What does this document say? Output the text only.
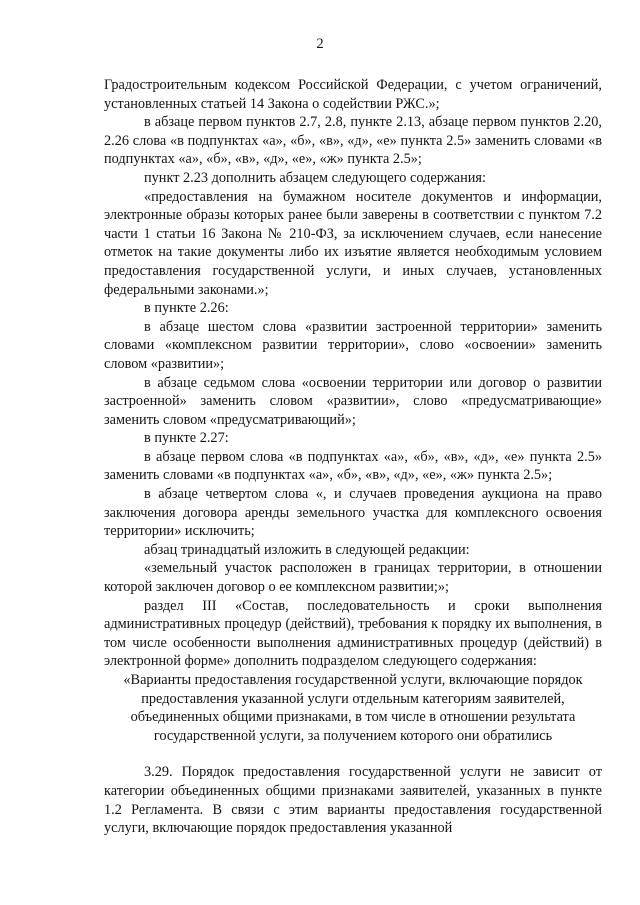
2

Градостроительным кодексом Российской Федерации, с учетом ограничений, установленных статьей 14 Закона о содействии РЖС.»;

в абзаце первом пунктов 2.7, 2.8, пункте 2.13, абзаце первом пунктов 2.20, 2.26 слова «в подпунктах «а», «б», «в», «д», «е» пункта 2.5» заменить словами «в подпунктах «а», «б», «в», «д», «е», «ж» пункта 2.5»;

пункт 2.23 дополнить абзацем следующего содержания:

«предоставления на бумажном носителе документов и информации, электронные образы которых ранее были заверены в соответствии с пунктом 7.2 части 1 статьи 16 Закона № 210-ФЗ, за исключением случаев, если нанесение отметок на такие документы либо их изъятие является необходимым условием предоставления государственной услуги, и иных случаев, установленных федеральными законами.»;

в пункте 2.26:

в абзаце шестом слова «развитии застроенной территории» заменить словами «комплексном развитии территории», слово «освоении» заменить словом «развитии»;

в абзаце седьмом слова «освоении территории или договор о развитии застроенной» заменить словом «развитии», слово «предусматривающие» заменить словом «предусматривающий»;

в пункте 2.27:

в абзаце первом слова «в подпунктах «а», «б», «в», «д», «е» пункта 2.5» заменить словами «в подпунктах «а», «б», «в», «д», «е», «ж» пункта 2.5»;

в абзаце четвертом слова «, и случаев проведения аукциона на право заключения договора аренды земельного участка для комплексного освоения территории» исключить;

абзац тринадцатый изложить в следующей редакции:

«земельный участок расположен в границах территории, в отношении которой заключен договор о ее комплексном развитии;»;

раздел III «Состав, последовательность и сроки выполнения административных процедур (действий), требования к порядку их выполнения, в том числе особенности выполнения административных процедур (действий) в электронной форме» дополнить подразделом следующего содержания:

«Варианты предоставления государственной услуги, включающие порядок предоставления указанной услуги отдельным категориям заявителей, объединенных общими признаками, в том числе в отношении результата государственной услуги, за получением которого они обратились

3.29. Порядок предоставления государственной услуги не зависит от категории объединенных общими признаками заявителей, указанных в пункте 1.2 Регламента. В связи с этим варианты предоставления государственной услуги, включающие порядок предоставления указанной
